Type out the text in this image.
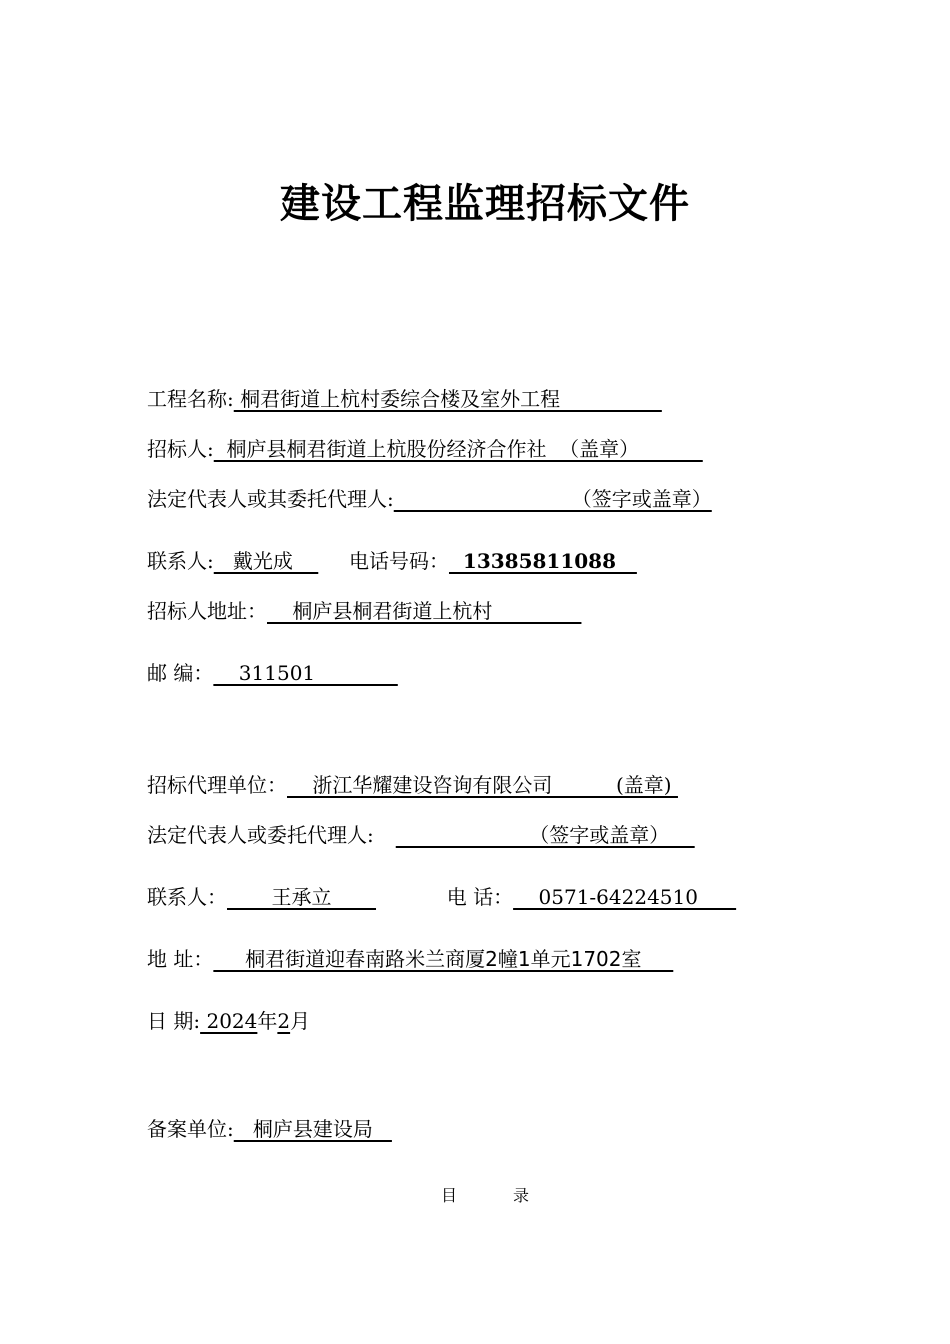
建设工程监理招标文件
工程名称: 桐君街道上杭村委综合楼及室外工程
招标人:  桐庐县桐君街道上杭股份经济合作社  （盖章）
法定代表人或其委托代理人:                            （签字或盖章）
联系人:   戴光成      电话号码：  13385811088
招标人地址：    桐庐县桐君街道上杭村
邮 编：    311501
招标代理单位：    浙江华耀建设咨询有限公司          (盖章)
法定代表人或委托代理人:                     （签字或盖章）
联系人：       王承立	电 话：    0571-64224510
地 址：     桐君街道迎春南路米兰商厦2幢1单元1702室
日 期: 2024年2月
备案单位:   桐庐县建设局
目	录
